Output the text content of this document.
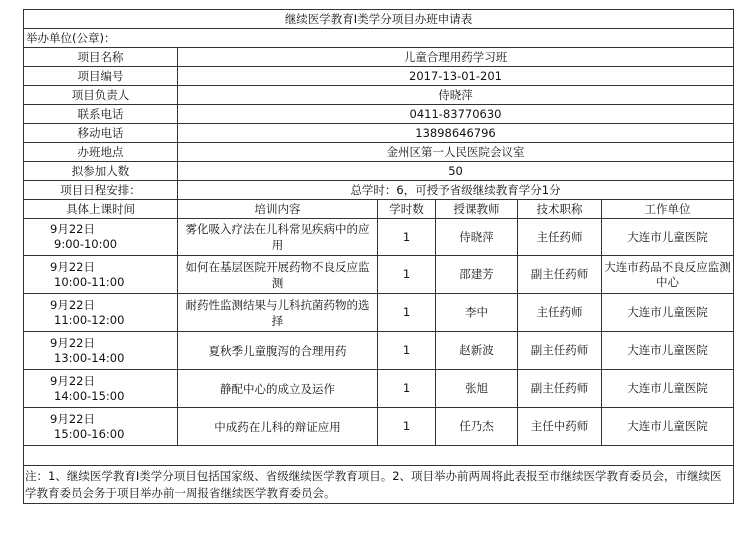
继续医学教育I类学分项目办班申请表					
举办单位(公章)：					
项目名称	儿童合理用药学习班				
项目编号	2017-13-01-201				
项目负责人	侍晓萍				
联系电话	0411-83770630				
移动电话	13898646796				
办班地点	金州区第一人民医院会议室				
拟参加人数	50				
项目日程安排：	总学时：6，可授予省级继续教育学分1分				
具体上课时间	培训内容	学时数	授课教师	技术职称	工作单位

9月22日
9:00-10:00	雾化吸入疗法在儿科常见疾病中的应用	1	侍晓萍	主任药师	大连市儿童医院

9月22日
10:00-11:00	如何在基层医院开展药物不良反应监测	1	邵建芳	副主任药师	大连市药品不良反应监测中心

9月22日
11:00-12:00	耐药性监测结果与儿科抗菌药物的选择	1	李中	主任药师	大连市儿童医院

9月22日
13:00-14:00	夏秋季儿童腹泻的合理用药	1	赵新波	副主任药师	大连市儿童医院

9月22日
14:00-15:00	静配中心的成立及运作	1	张旭	副主任药师	大连市儿童医院

9月22日
15:00-16:00	中成药在儿科的辩证应用	1	任乃杰	主任中药师	大连市儿童医院

注：1、继续医学教育Ⅰ类学分项目包括国家级、省级继续医学教育项目。2、项目举办前两周将此表报至市继续医学教育委员会，市继续医学教育委员会务于项目举办前一周报省继续医学教育委员会。					
